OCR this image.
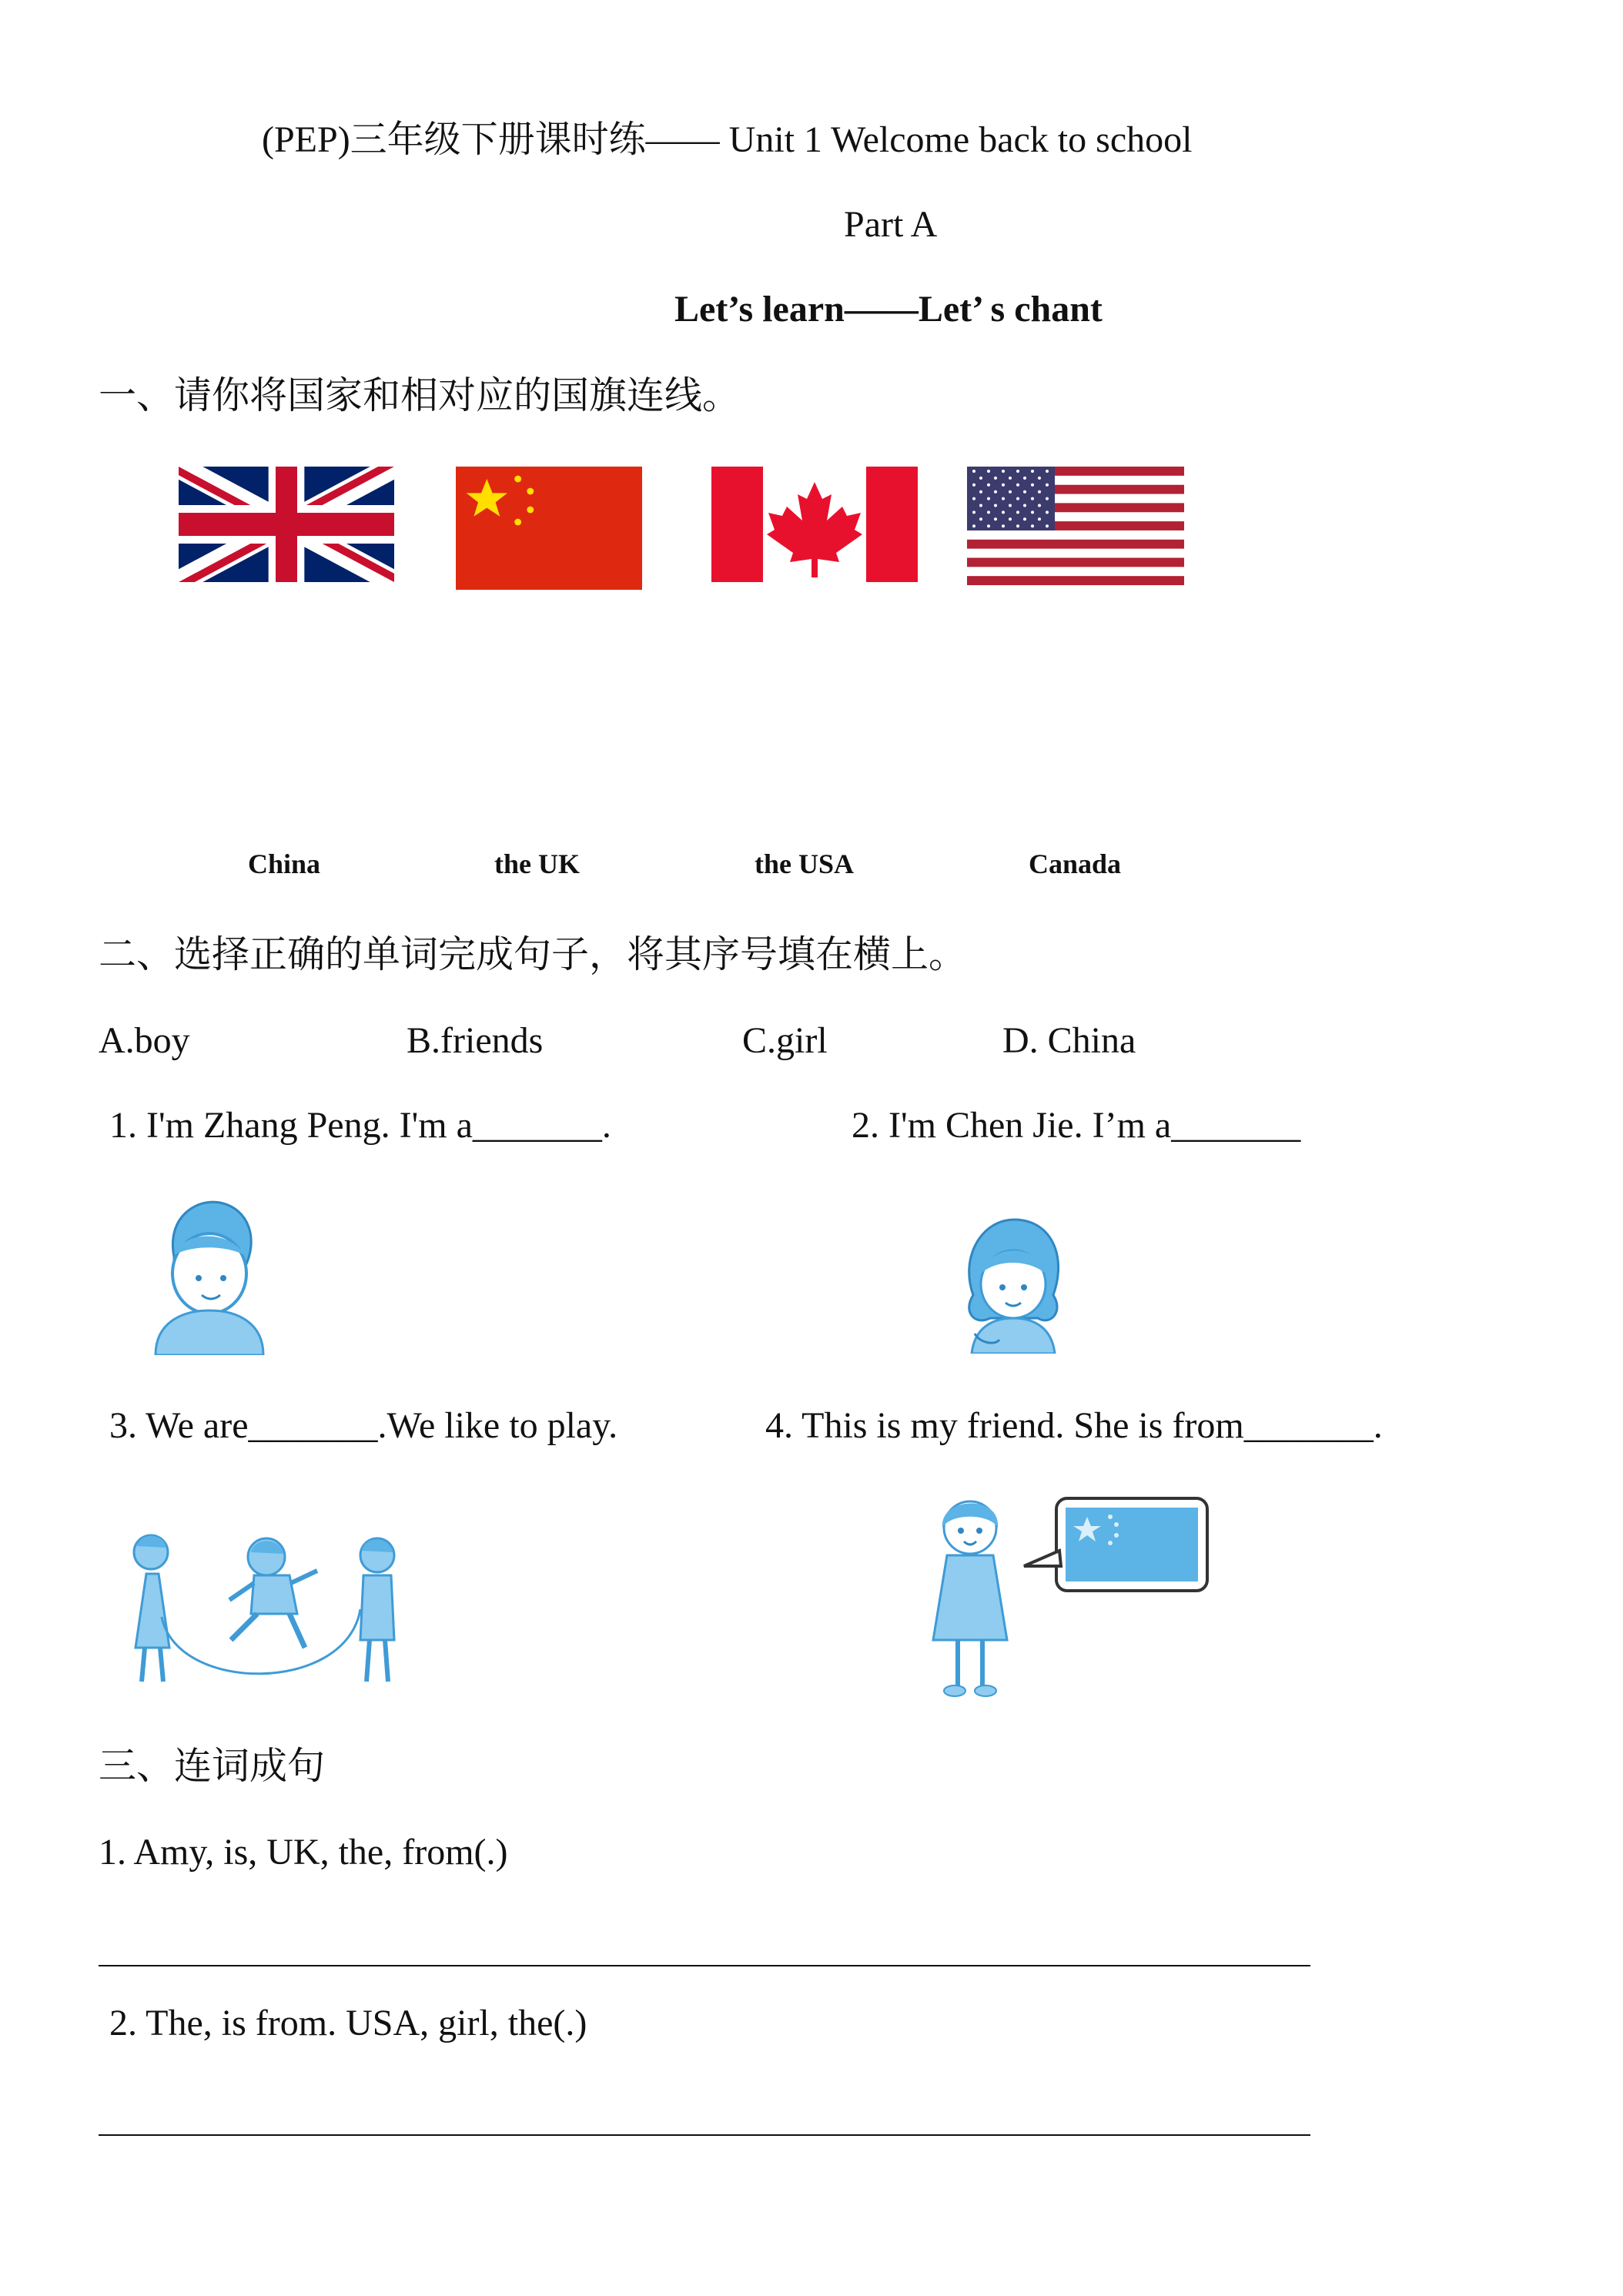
(PEP)三年级下册课时练—— Unit 1 Welcome back to school
Part A
Let’s learn——Let’ s chant
一、请你将国家和相对应的国旗连线。
China	the UK	the USA	Canada
二、选择正确的单词完成句子，将其序号填在横上。
A.boy	B.friends	C.girl	D. China
1. I'm Zhang Peng. I'm a_______.	2. I'm Chen Jie. I’m a_______
3. We are_______.We like to play.	4. This is my friend. She is from_______.
三、连词成句
1. Amy, is, UK, the, from(.)
2. The, is from. USA, girl, the(.)
